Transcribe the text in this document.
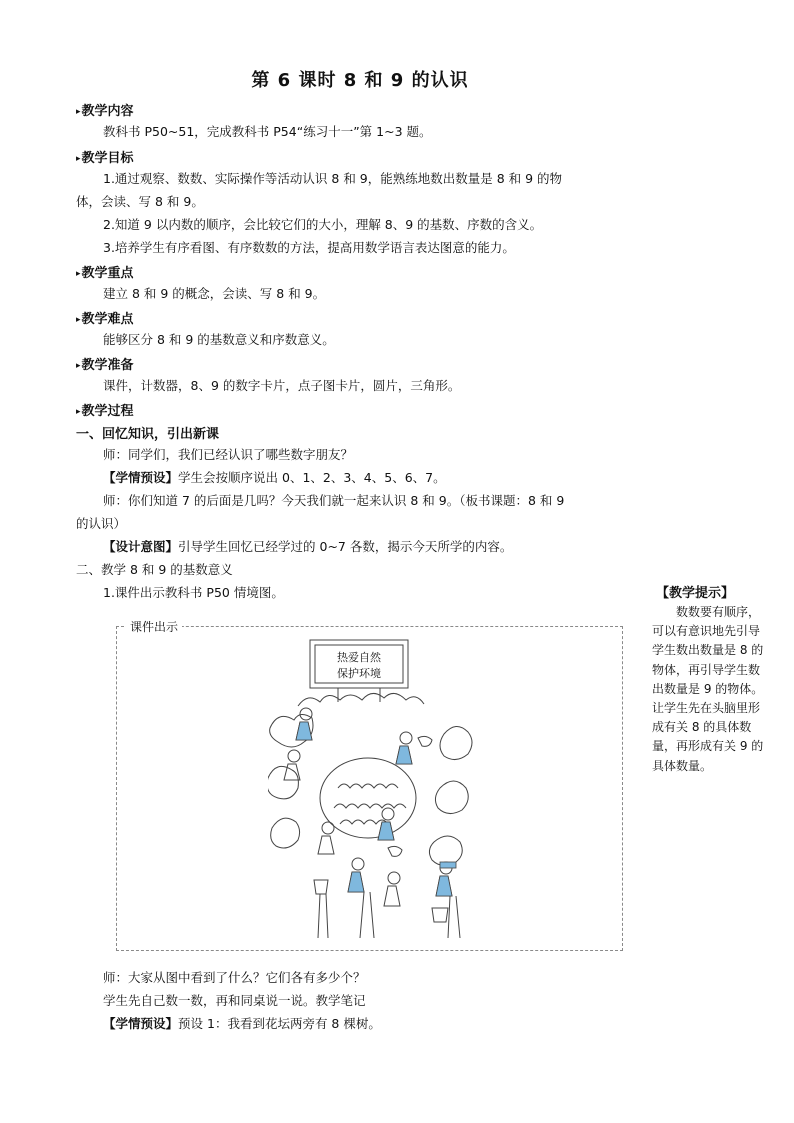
第 6 课时 8 和 9 的认识
▸教学内容
教科书 P50~51，完成教科书 P54“练习十一”第 1~3 题。
▸教学目标
1.通过观察、数数、实际操作等活动认识 8 和 9，能熟练地数出数量是 8 和 9 的物
体，会读、写 8 和 9。
2.知道 9 以内数的顺序，会比较它们的大小，理解 8、9 的基数、序数的含义。
3.培养学生有序看图、有序数数的方法，提高用数学语言表达图意的能力。
▸教学重点
建立 8 和 9 的概念，会读、写 8 和 9。
▸教学难点
能够区分 8 和 9 的基数意义和序数意义。
▸教学准备
课件，计数器，8、9 的数字卡片，点子图卡片，圆片，三角形。
▸教学过程
一、回忆知识，引出新课
师：同学们，我们已经认识了哪些数字朋友？
【学情预设】学生会按顺序说出 0、1、2、3、4、5、6、7。
师：你们知道 7 的后面是几吗？今天我们就一起来认识 8 和 9。（板书课题：8 和 9
的认识）
【设计意图】引导学生回忆已经学过的 0~7 各数，揭示今天所学的内容。
二、教学 8 和 9 的基数意义
1.课件出示教科书 P50 情境图。
课件出示
热爱自然
保护环境
师：大家从图中看到了什么？它们各有多少个？
学生先自己数一数，再和同桌说一说。教学笔记
【学情预设】预设 1：我看到花坛两旁有 8 棵树。
【教学提示】
数数要有顺序，可以有意识地先引导学生数出数量是 8 的物体，再引导学生数出数量是 9 的物体。让学生先在头脑里形成有关 8 的具体数量，再形成有关 9 的具体数量。
